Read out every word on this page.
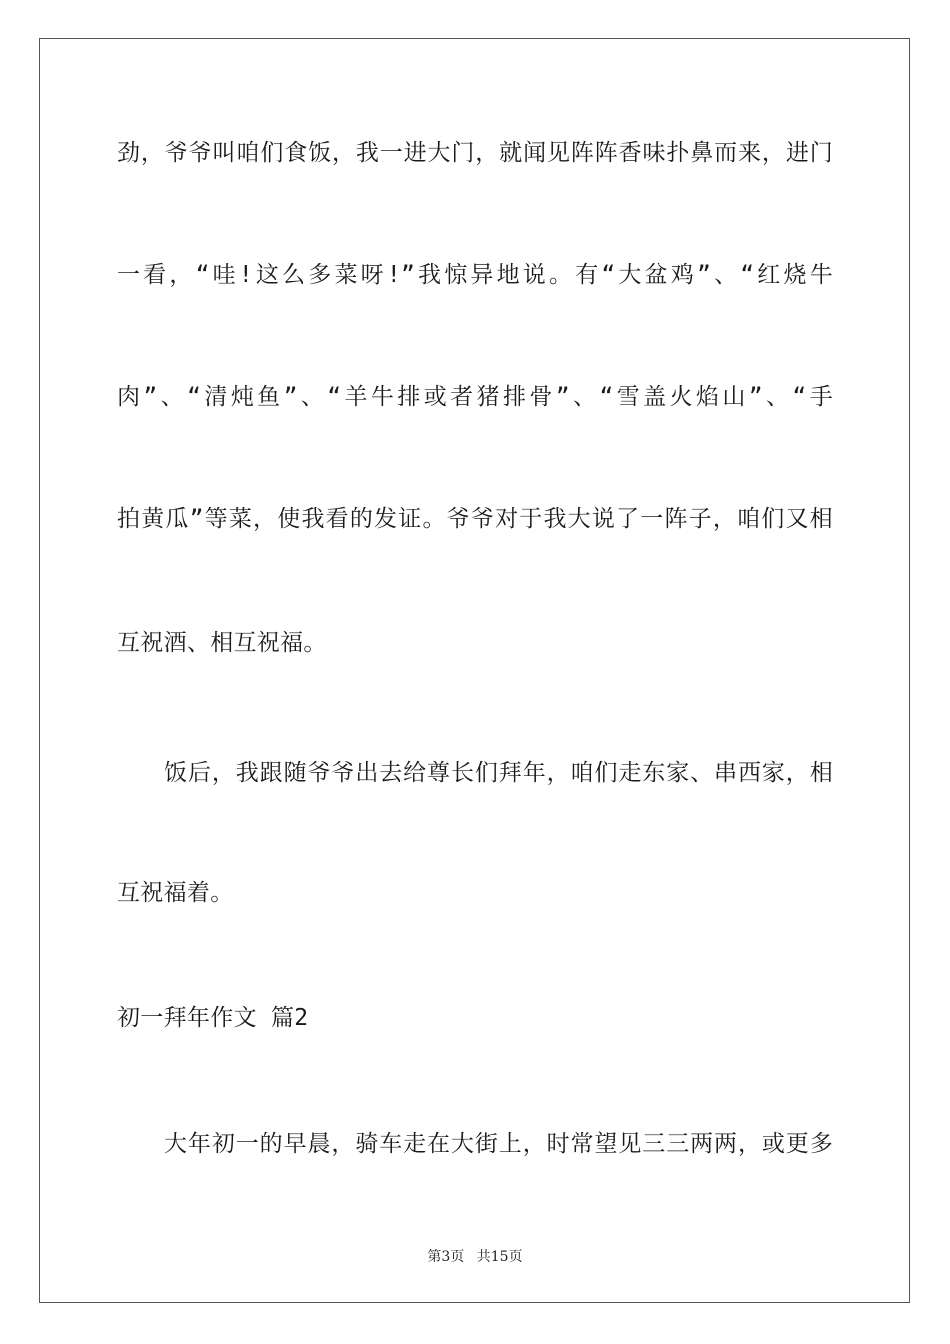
劲，爷爷叫咱们食饭，我一进大门，就闻见阵阵香味扑鼻而来，进门
一看，“哇!这么多菜呀!”我惊异地说。有“大盆鸡”、“红烧牛
肉”、“清炖鱼”、“羊牛排或者猪排骨”、“雪盖火焰山”、“手
拍黄瓜”等菜，使我看的发证。爷爷对于我大说了一阵子，咱们又相
互祝酒、相互祝福。
饭后，我跟随爷爷出去给尊长们拜年，咱们走东家、串西家，相
互祝福着。
初一拜年作文 篇2
大年初一的早晨，骑车走在大街上，时常望见三三两两，或更多
第3页 共15页
